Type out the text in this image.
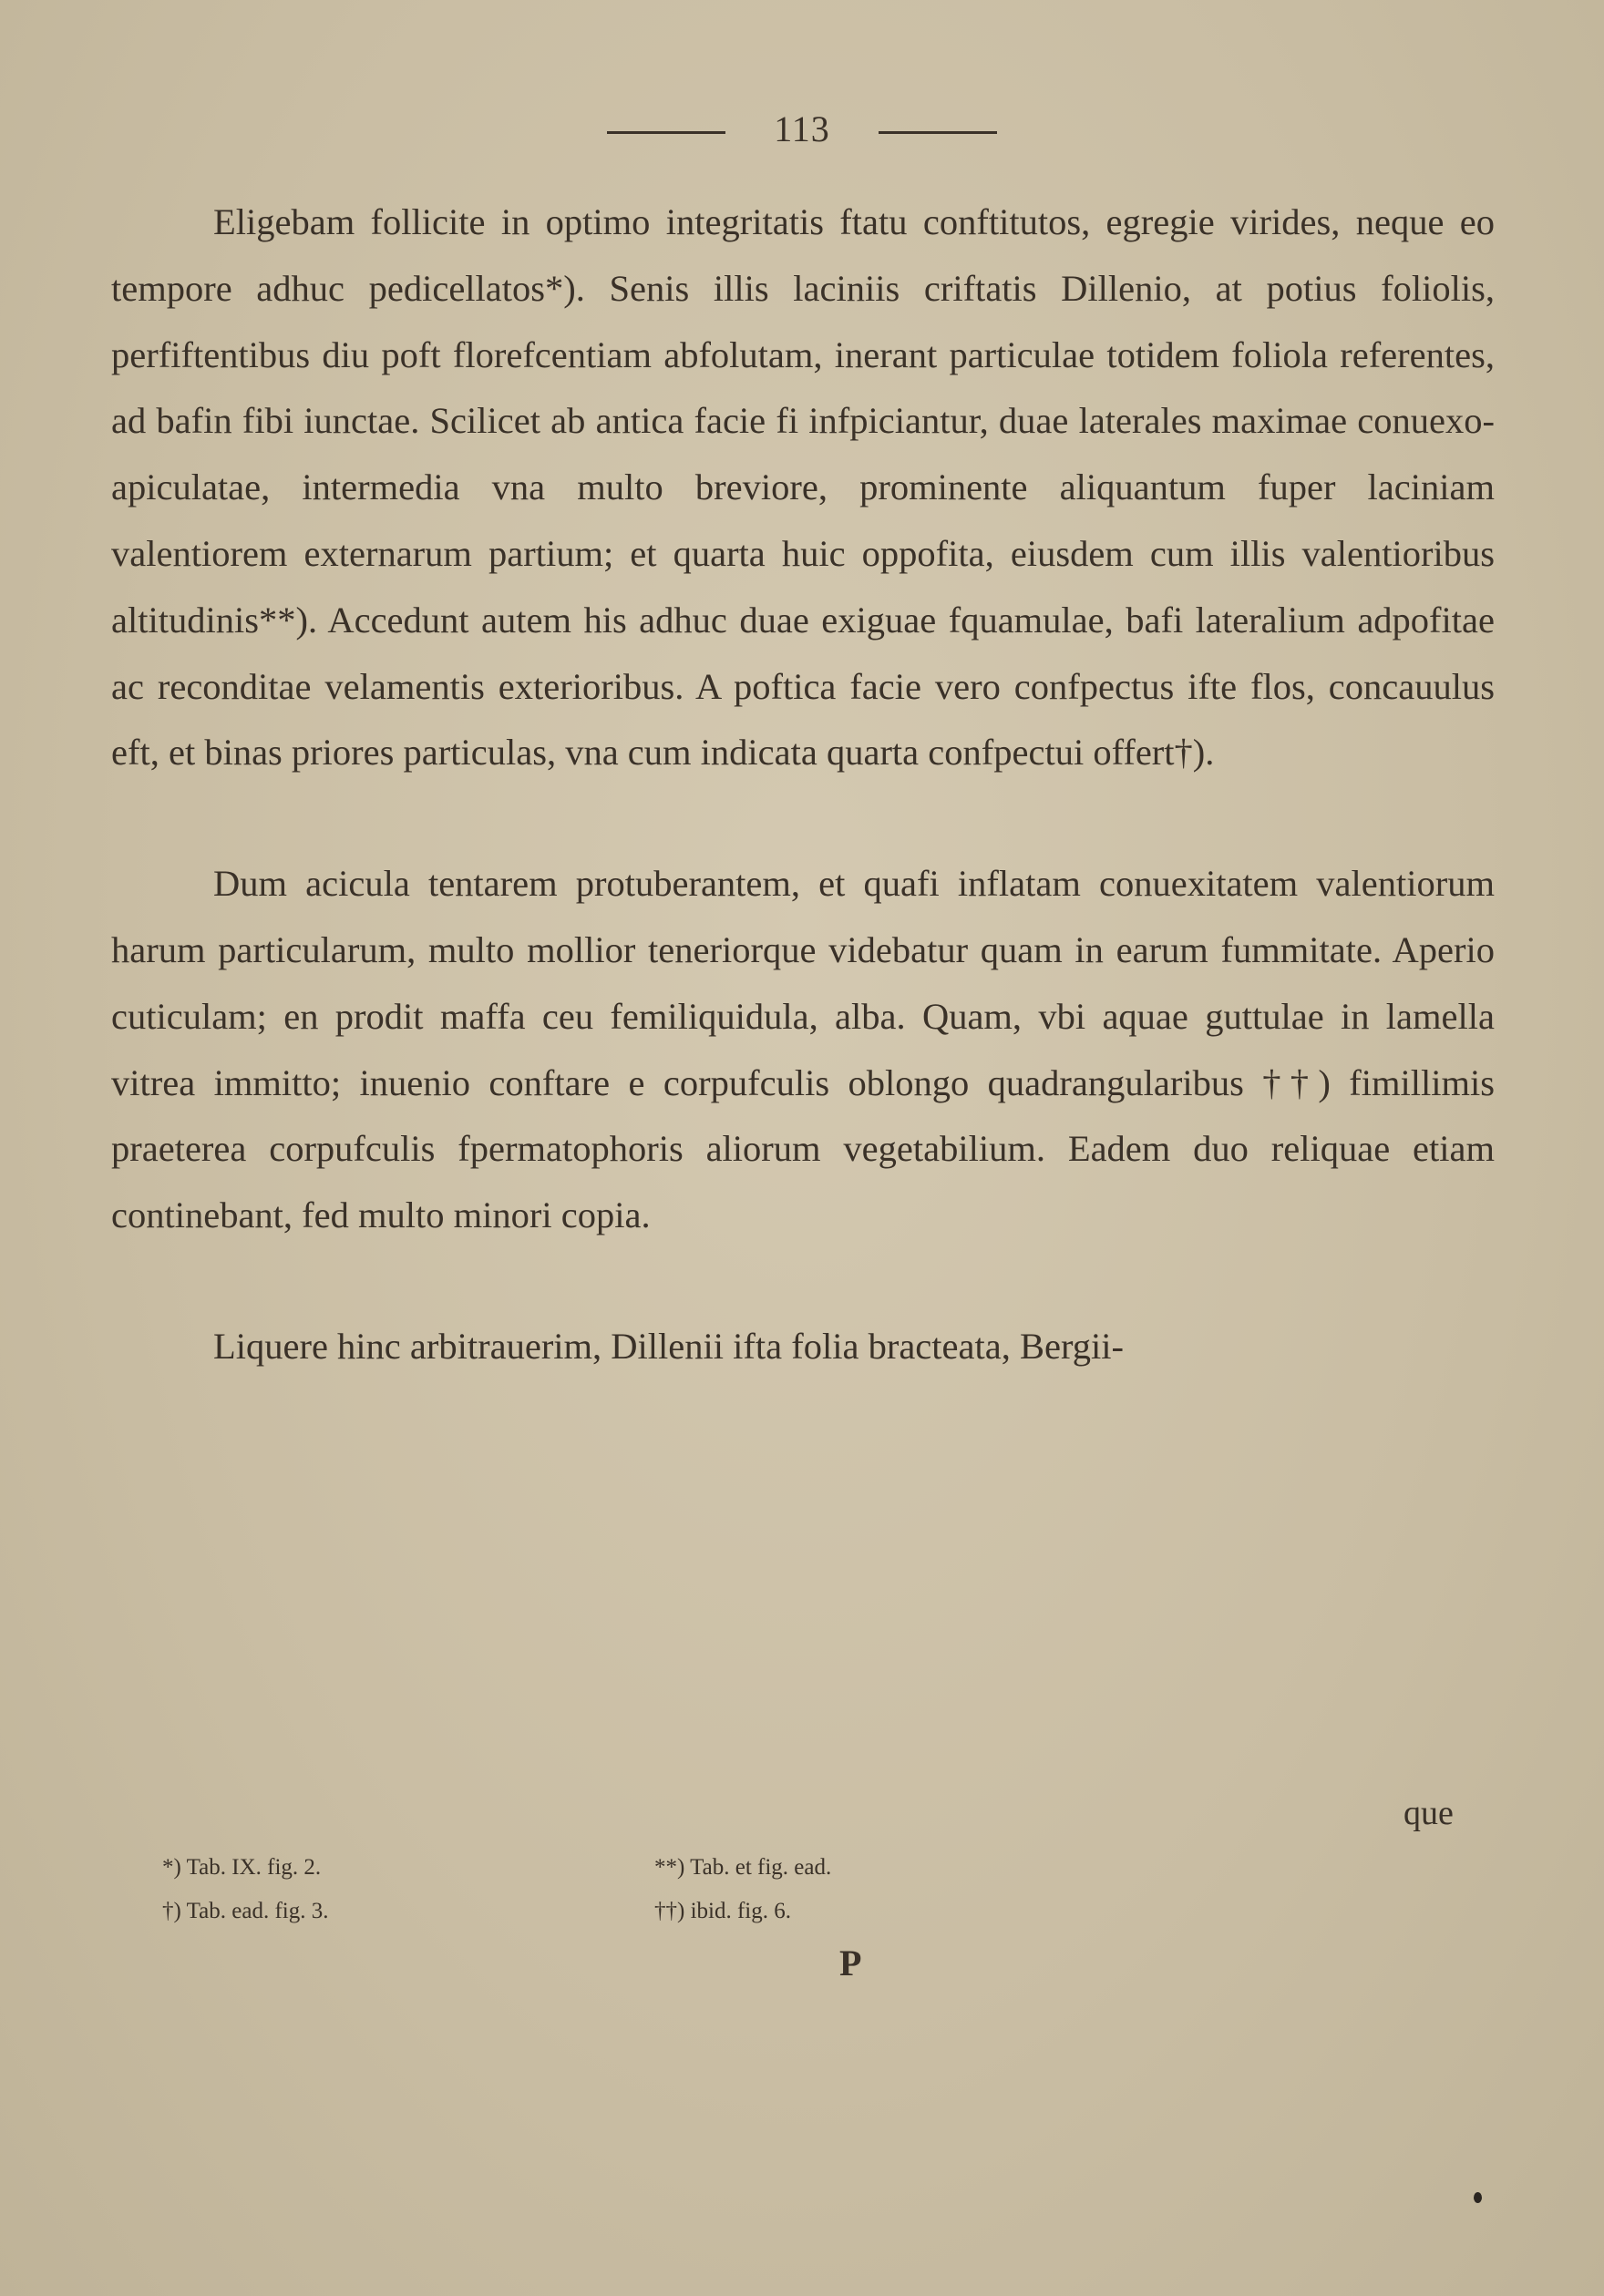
113

Eligebam follicite in optimo integritatis ftatu conftitutos, egregie virides, neque eo tempore adhuc pedicellatos*). Senis illis laciniis criftatis Dillenio, at potius foliolis, perfiftentibus diu poft florefcentiam abfolutam, inerant particulae totidem foliola referentes, ad bafin fibi iunctae. Scilicet ab antica facie fi infpiciantur, duae laterales maximae conuexo-apiculatae, intermedia vna multo breviore, prominente aliquantum fuper laciniam valentiorem externarum partium; et quarta huic oppofita, eiusdem cum illis valentioribus altitudinis**). Accedunt autem his adhuc duae exiguae fquamulae, bafi lateralium adpofitae ac reconditae velamentis exterioribus. A poftica facie vero confpectus ifte flos, concauulus eft, et binas priores particulas, vna cum indicata quarta confpectui offert†).

Dum acicula tentarem protuberantem, et quafi inflatam conuexitatem valentiorum harum particularum, multo mollior teneriorque videbatur quam in earum fummitate. Aperio cuticulam; en prodit maffa ceu femiliquidula, alba. Quam, vbi aquae guttulae in lamella vitrea immitto; inuenio conftare e corpufculis oblongo quadrangularibus ††) fimillimis praeterea corpufculis fpermatophoris aliorum vegetabilium. Eadem duo reliquae etiam continebant, fed multo minori copia.

Liquere hinc arbitrauerim, Dillenii ifta folia bracteata, Bergii-

que
*) Tab. IX. fig. 2.	**) Tab. et fig. ead.
†) Tab. ead. fig. 3.	††) ibid. fig. 6.
P
